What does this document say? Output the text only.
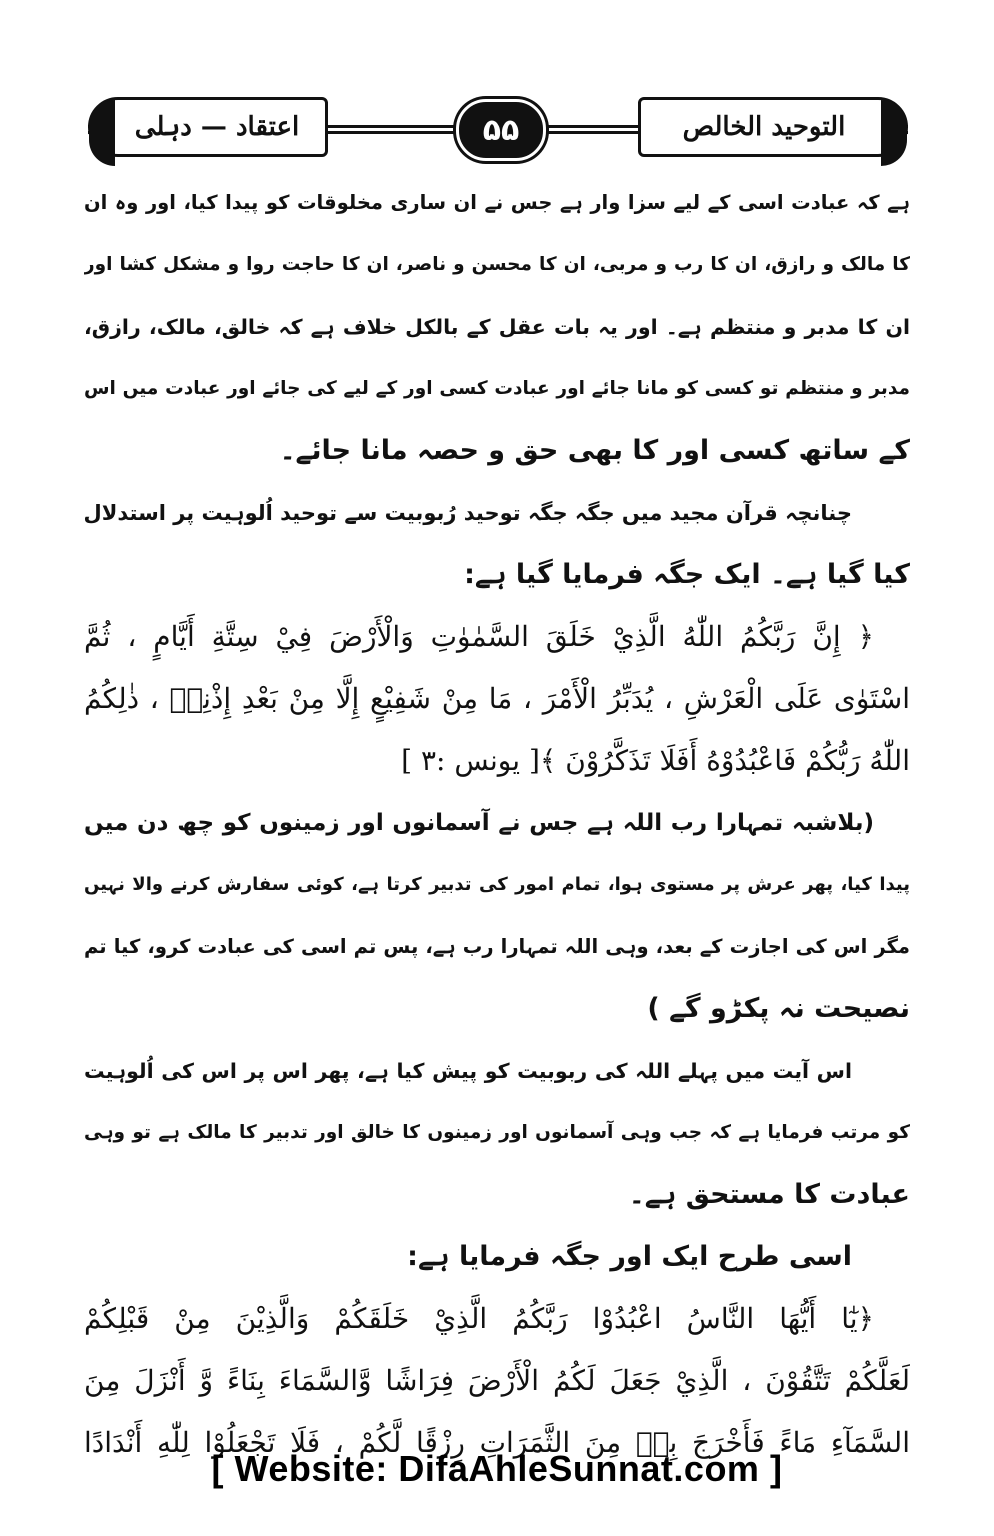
اعتقاد — دہلی	۵۵	التوحید الخالص
ہے کہ عبادت اسی کے لیے سزا وار ہے جس نے ان ساری مخلوقات کو پیدا کیا، اور وہ ان
کا مالک و رازق، ان کا رب و مربی، ان کا محسن و ناصر، ان کا حاجت روا و مشکل کشا اور
ان کا مدبر و منتظم ہے۔ اور یہ بات عقل کے بالکل خلاف ہے کہ خالق، مالک، رازق،
مدبر و منتظم تو کسی کو مانا جائے اور عبادت کسی اور کے لیے کی جائے اور عبادت میں اس
کے ساتھ کسی اور کا بھی حق و حصہ مانا جائے۔
چنانچہ قرآن مجید میں جگہ جگہ توحید رُبوبیت سے توحید اُلوہیت پر استدلال
کیا گیا ہے۔ ایک جگہ فرمایا گیا ہے:
﴿ إِنَّ رَبَّكُمُ اللّٰهُ الَّذِيْ خَلَقَ السَّمٰوٰتِ وَالْأَرْضَ فِيْ سِتَّةِ أَيَّامٍ ، ثُمَّ
اسْتَوٰى عَلَى الْعَرْشِ ، يُدَبِّرُ الْأَمْرَ ، مَا مِنْ شَفِيْعٍ إِلَّا مِنْ بَعْدِ إِذْنِهٖ ، ذٰلِكُمُ
اللّٰهُ رَبُّكُمْ فَاعْبُدُوْهُ أَفَلَا تَذَكَّرُوْنَ ﴾[ یونس :۳ ]
(بلاشبہ تمہارا رب اللہ ہے جس نے آسمانوں اور زمینوں کو چھ دن میں
پیدا کیا، پھر عرش پر مستوی ہوا، تمام امور کی تدبیر کرتا ہے، کوئی سفارش کرنے والا نہیں
مگر اس کی اجازت کے بعد، وہی اللہ تمہارا رب ہے، پس تم اسی کی عبادت کرو، کیا تم
نصیحت نہ پکڑو گے )
اس آیت میں پہلے اللہ کی ربوبیت کو پیش کیا ہے، پھر اس پر اس کی اُلوہیت
کو مرتب فرمایا ہے کہ جب وہی آسمانوں اور زمینوں کا خالق اور تدبیر کا مالک ہے تو وہی
عبادت کا مستحق ہے۔
اسی طرح ایک اور جگہ فرمایا ہے:
﴿يٰٓا أَيُّهَا النَّاسُ اعْبُدُوْا رَبَّكُمُ الَّذِيْ خَلَقَكُمْ وَالَّذِيْنَ مِنْ قَبْلِكُمْ
لَعَلَّكُمْ تَتَّقُوْنَ ، الَّذِيْ جَعَلَ لَكُمُ الْأَرْضَ فِرَاشًا وَّالسَّمَاءَ بِنَاءً وَّ أَنْزَلَ مِنَ
السَّمَآءِ مَاءً فَأَخْرَجَ بِهٖ مِنَ الثَّمَرَاتِ رِزْقًا لَّكُمْ ، فَلَا تَجْعَلُوْا لِلّٰهِ أَنْدَادًا
[ Website: DifaAhleSunnat.com ]
